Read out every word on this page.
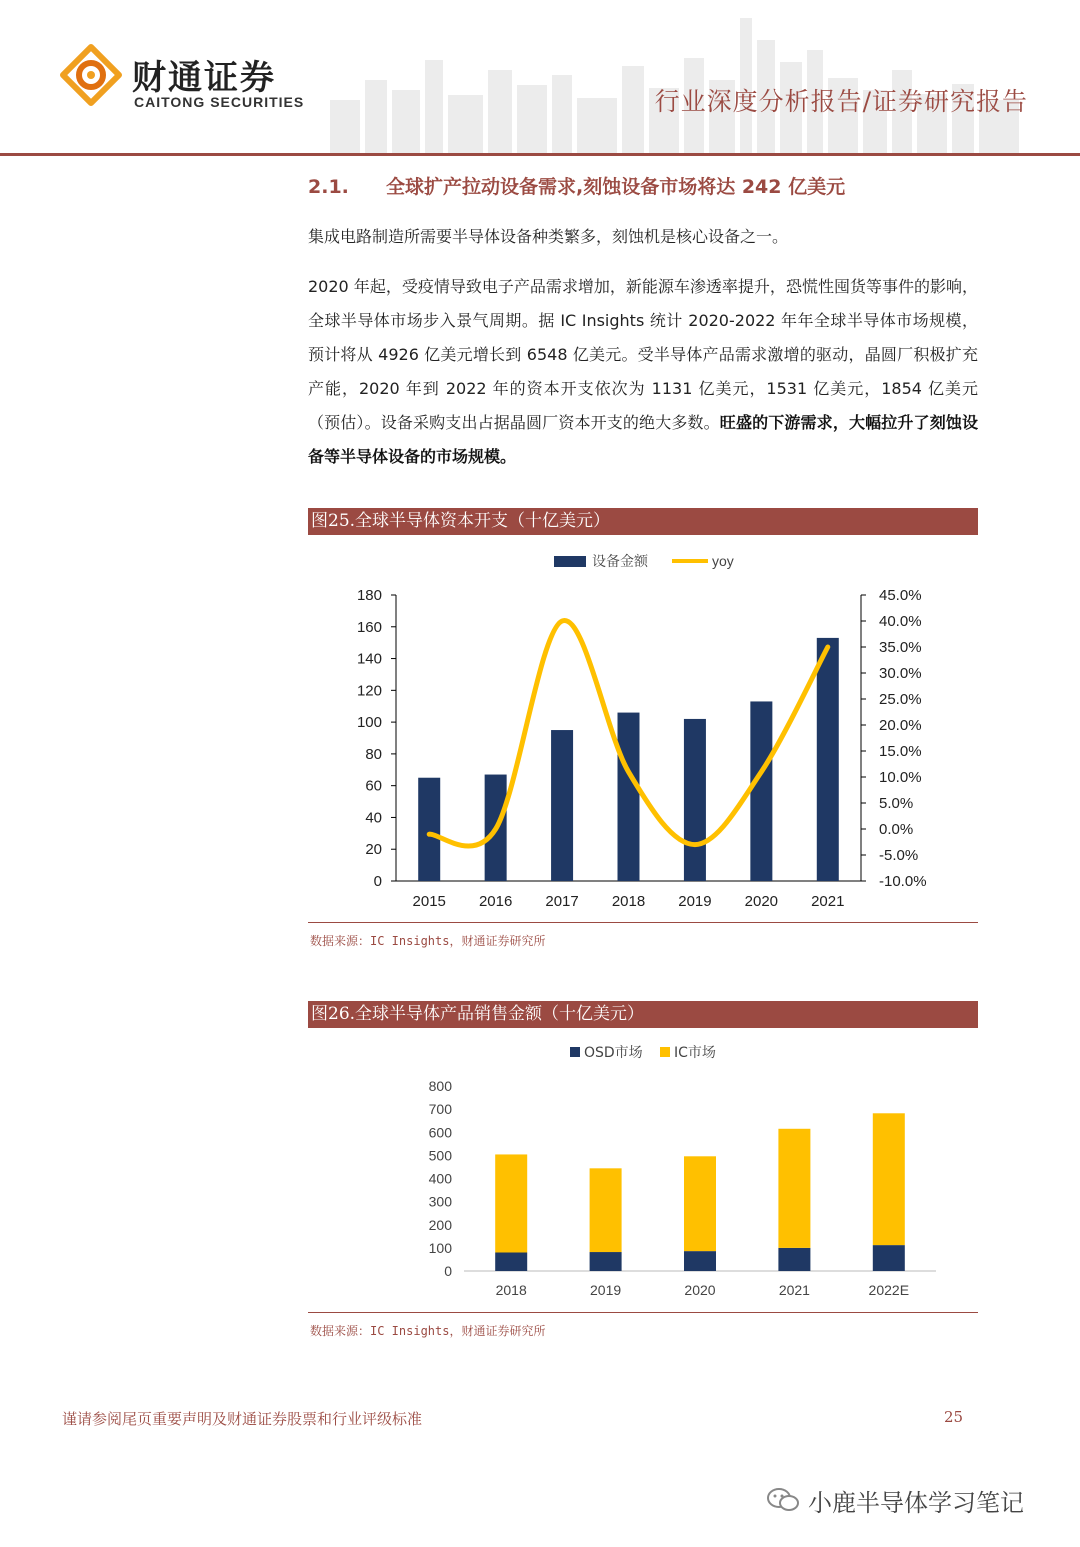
财通证券
CAITONG SECURITIES	行业深度分析报告/证券研究报告
2.1. 全球扩产拉动设备需求,刻蚀设备市场将达 242 亿美元
集成电路制造所需要半导体设备种类繁多，刻蚀机是核心设备之一。
2020 年起，受疫情导致电子产品需求增加，新能源车渗透率提升，恐慌性囤货等事件的影响，全球半导体市场步入景气周期。据 IC Insights 统计 2020-2022 年年全球半导体市场规模，预计将从 4926 亿美元增长到 6548 亿美元。受半导体产品需求激增的驱动，晶圆厂积极扩充产能，2020 年到 2022 年的资本开支依次为 1131 亿美元，1531 亿美元，1854 亿美元（预估）。设备采购支出占据晶圆厂资本开支的绝大多数。旺盛的下游需求，大幅拉升了刻蚀设备等半导体设备的市场规模。
图25.全球半导体资本开支（十亿美元）
设备金额	yoy
0
20
40
60
80
100
120
140
160
180
-10.0%
-5.0%
0.0%
5.0%
10.0%
15.0%
20.0%
25.0%
30.0%
35.0%
40.0%
45.0%
2015 2016 2017 2018 2019 2020 2021
数据来源：IC Insights，财通证券研究所
图26.全球半导体产品销售金额（十亿美元）
OSD市场 IC市场
0
100
200
300
400
500
600
700
800
2018	2019	2020	2021	2022E
数据来源：IC Insights，财通证券研究所
谨请参阅尾页重要声明及财通证券股票和行业评级标准	25
小鹿半导体学习笔记
